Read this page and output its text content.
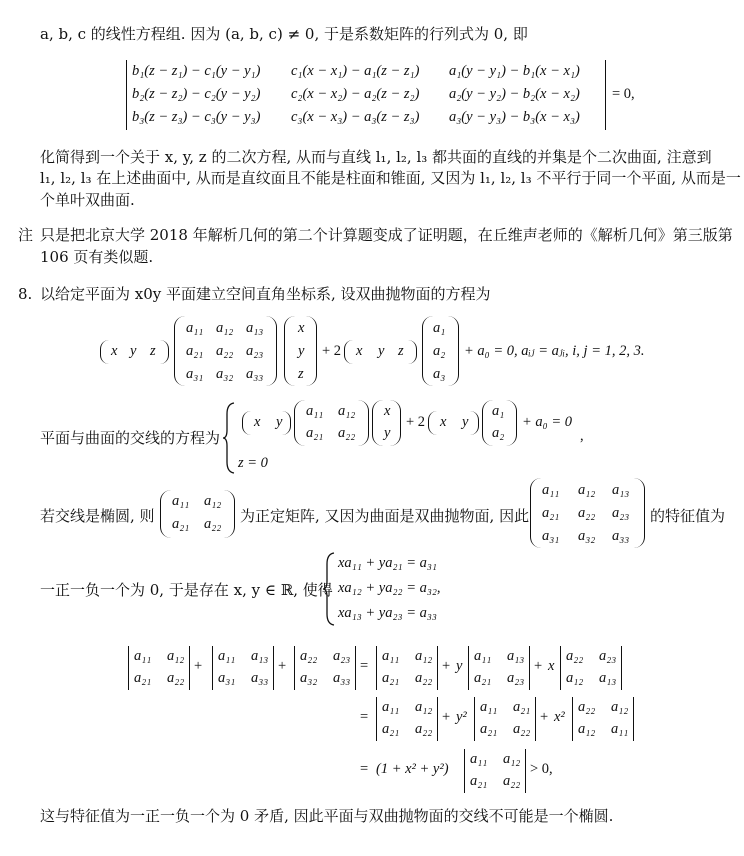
a, b, c 的线性方程组. 因为 (a, b, c) ≠ 0, 于是系数矩阵的行列式为 0, 即
b₁(z − z₁) − c₁(y − y₁) c₁(x − x₁) − a₁(z − z₁) a₁(y − y₁) − b₁(x − x₁)
b₂(z − z₂) − c₂(y − y₂) c₂(x − x₂) − a₂(z − z₂) a₂(y − y₂) − b₂(x − x₂)
b₃(z − z₃) − c₃(y − y₃) c₃(x − x₃) − a₃(z − z₃) a₃(y − y₃) − b₃(x − x₃)
= 0,
化简得到一个关于 x, y, z 的二次方程, 从而与直线 l₁, l₂, l₃ 都共面的直线的并集是个二次曲面, 注意到
l₁, l₂, l₃ 在上述曲面中, 从而是直纹面且不能是柱面和锥面, 又因为 l₁, l₂, l₃ 不平行于同一个平面, 从而是一
个单叶双曲面.
注 只是把北京大学 2018 年解析几何的第二个计算题变成了证明题，在丘维声老师的《解析几何》第三版第
106 页有类似题.
8. 以给定平面为 x0y 平面建立空间直角坐标系, 设双曲抛物面的方程为
x y z
a₁₁ a₁₂ a₁₃
a₂₁ a₂₂ a₂₃
a₃₁ a₃₂ a₃₃
x
y
z
+ 2 x y z
a₁
a₂
a₃
+ a₀ = 0, aᵢⱼ = aⱼᵢ, i, j = 1, 2, 3.
平面与曲面的交线的方程为
x y
a₁₁ a₁₂
a₂₁ a₂₂
x
y
+ 2 x y
a₁
a₂
+ a₀ = 0
,
z = 0
若交线是椭圆, 则
a₁₁ a₁₂
a₂₁ a₂₂ 为正定矩阵, 又因为曲面是双曲抛物面, 因此
a₁₁ a₁₂ a₁₃
a₂₁ a₂₂ a₂₃
a₃₁ a₃₂ a₃₃
的特征值为
一正一负一个为 0, 于是存在 x, y ∈ ℝ, 使得
xa₁₁ + ya₂₁ = a₃₁
xa₁₂ + ya₂₂ = a₃₂,
xa₁₃ + ya₂₃ = a₃₃
a₁₁ a₁₂
a₂₁ a₂₂
+
a₁₁ a₁₃
a₃₁ a₃₃
+
a₂₂ a₂₃
a₃₂ a₃₃
=
a₁₁ a₁₂
a₂₁ a₂₂
+ y
a₁₁ a₁₃
a₂₁ a₂₃
+ x
a₂₂ a₂₃
a₁₂ a₁₃
=
a₁₁ a₁₂
a₂₁ a₂₂
+ y²
a₁₁ a₂₁
a₂₁ a₂₂
+ x²
a₂₂ a₁₂
a₁₂ a₁₁
= (1 + x² + y²)
a₁₁ a₁₂
a₂₁ a₂₂
> 0,
这与特征值为一正一负一个为 0 矛盾, 因此平面与双曲抛物面的交线不可能是一个椭圆.
